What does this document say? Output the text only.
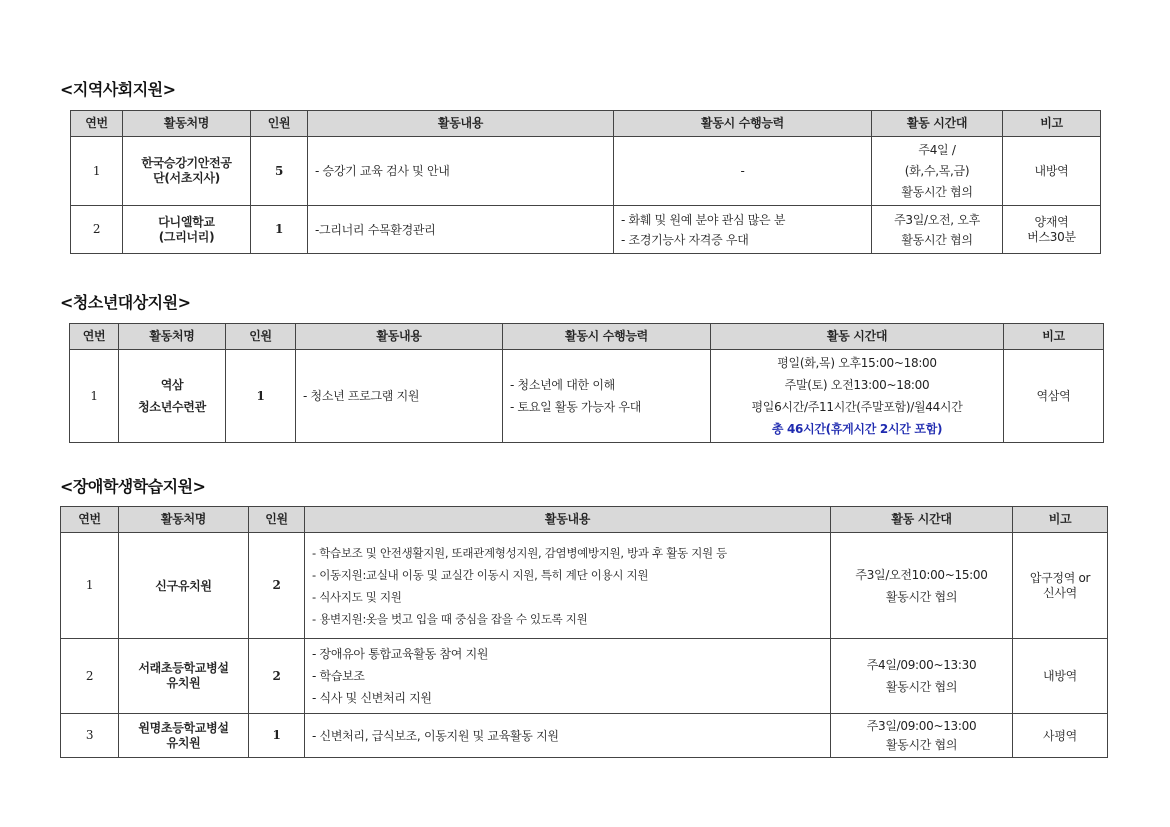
<지역사회지원>
연번	활동처명	인원	활동내용	활동시 수행능력	활동 시간대	비고
1	한국승강기안전공
단(서초지사)	5	- 승강기 교육 검사 및 안내	-	주4일 /
(화,수,목,금)
활동시간 협의	내방역

2	다니엘학교
(그리너리)	1	-그리너리 수목환경관리	- 화훼 및 원예 분야 관심 많은 분
- 조경기능사 자격증 우대	주3일/오전, 오후
활동시간 협의	양재역
버스30분
<청소년대상지원>
연번	활동처명	인원	활동내용	활동시 수행능력	활동 시간대	비고
1	역삼
청소년수련관	1	- 청소년 프로그램 지원	- 청소년에 대한 이해
- 토요일 활동 가능자 우대	평일(화,목) 오후15:00~18:00
주말(토) 오전13:00~18:00
평일6시간/주11시간(주말포함)/월44시간
총 46시간(휴게시간 2시간 포함)	역삼역
<장애학생학습지원>
연번	활동처명	인원	활동내용	활동 시간대	비고
1	신구유치원	2	- 학습보조 및 안전생활지원, 또래관계형성지원, 감염병예방지원, 방과 후 활동 지원 등
- 이동지원:교실내 이동 및 교실간 이동시 지원, 특히 계단 이용시 지원
- 식사지도 및 지원
- 용변지원:옷을 벗고 입을 때 중심을 잡을 수 있도록 지원	주3일/오전10:00~15:00
활동시간 협의	압구정역 or
신사역

2	서래초등학교병설
유치원	2	- 장애유아 통합교육활동 참여 지원
- 학습보조
- 식사 및 신변처리 지원	주4일/09:00~13:30
활동시간 협의	내방역

3	원명초등학교병설
유치원	1	- 신변처리, 급식보조, 이동지원 및 교육활동 지원	주3일/09:00~13:00
활동시간 협의	사평역
